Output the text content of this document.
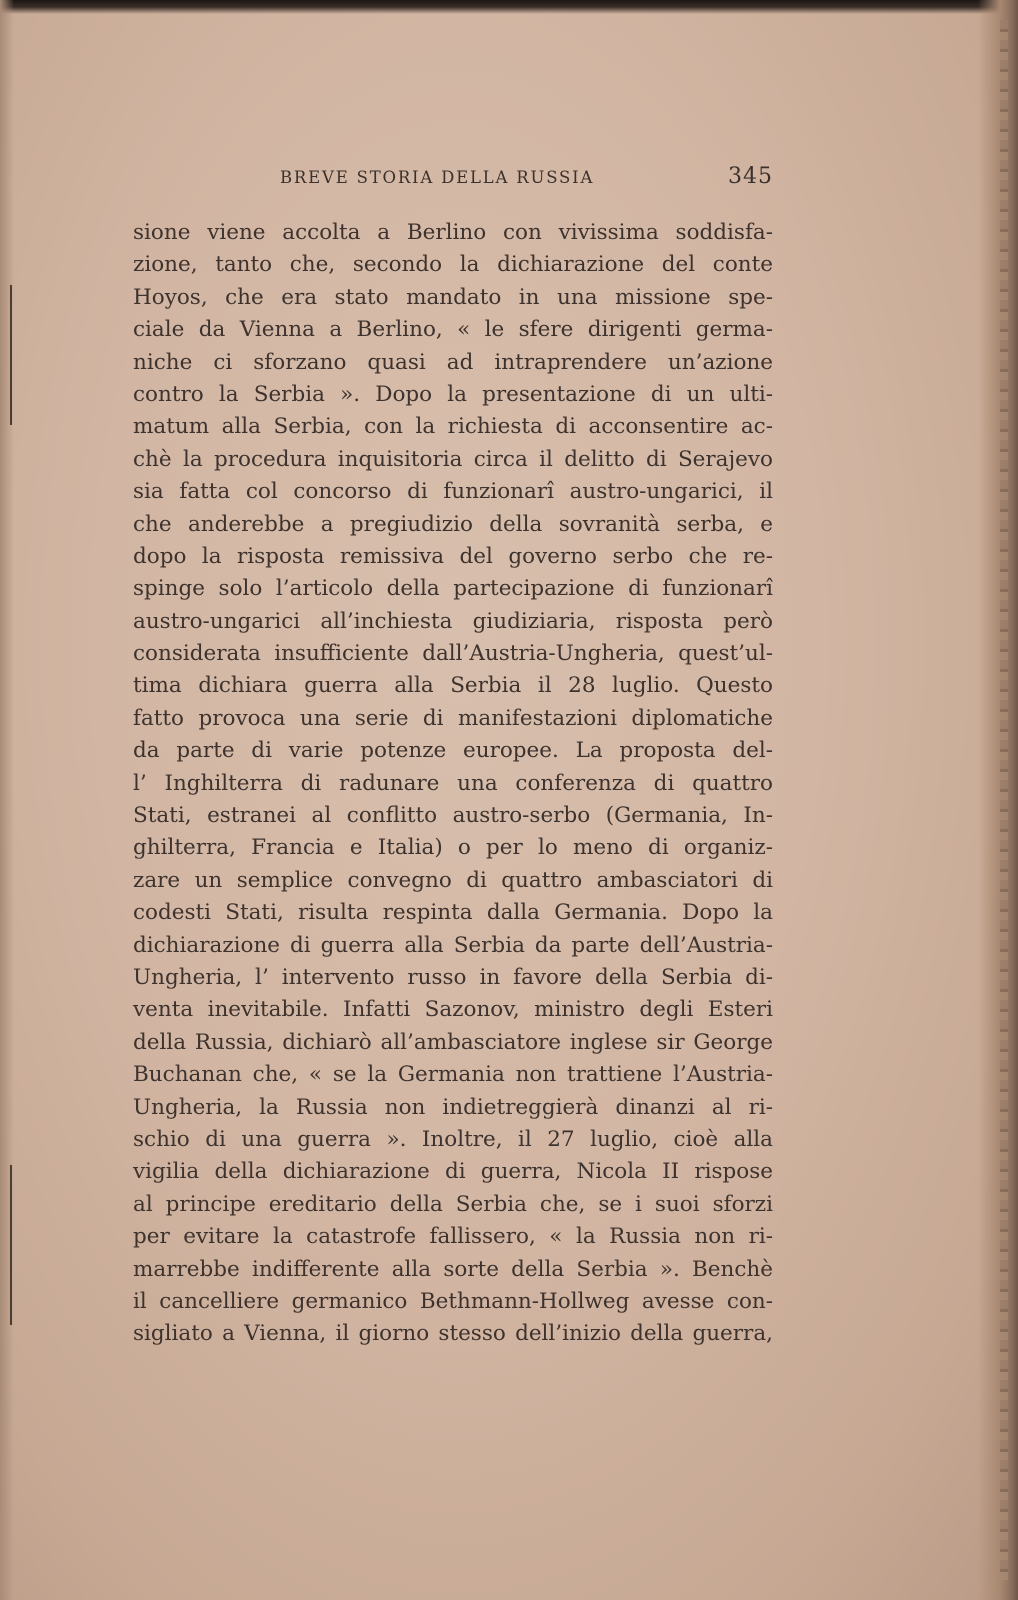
BREVE STORIA DELLA RUSSIA	345
sione viene accolta a Berlino con vivissima soddisfa-
zione, tanto che, secondo la dichiarazione del conte
Hoyos, che era stato mandato in una missione spe-
ciale da Vienna a Berlino, « le sfere dirigenti germa-
niche ci sforzano quasi ad intraprendere un’azione
contro la Serbia ». Dopo la presentazione di un ulti-
matum alla Serbia, con la richiesta di acconsentire ac-
chè la procedura inquisitoria circa il delitto di Serajevo
sia fatta col concorso di funzionarî austro-ungarici, il
che anderebbe a pregiudizio della sovranità serba, e
dopo la risposta remissiva del governo serbo che re-
spinge solo l’articolo della partecipazione di funzionarî
austro-ungarici all’inchiesta giudiziaria, risposta però
considerata insufficiente dall’Austria-Ungheria, quest’ul-
tima dichiara guerra alla Serbia il 28 luglio. Questo
fatto provoca una serie di manifestazioni diplomatiche
da parte di varie potenze europee. La proposta del-
l’ Inghilterra di radunare una conferenza di quattro
Stati, estranei al conflitto austro-serbo (Germania, In-
ghilterra, Francia e Italia) o per lo meno di organiz-
zare un semplice convegno di quattro ambasciatori di
codesti Stati, risulta respinta dalla Germania. Dopo la
dichiarazione di guerra alla Serbia da parte dell’Austria-
Ungheria, l’ intervento russo in favore della Serbia di-
venta inevitabile. Infatti Sazonov, ministro degli Esteri
della Russia, dichiarò all’ambasciatore inglese sir George
Buchanan che, « se la Germania non trattiene l’Austria-
Ungheria, la Russia non indietreggierà dinanzi al ri-
schio di una guerra ». Inoltre, il 27 luglio, cioè alla
vigilia della dichiarazione di guerra, Nicola II rispose
al principe ereditario della Serbia che, se i suoi sforzi
per evitare la catastrofe fallissero, « la Russia non ri-
marrebbe indifferente alla sorte della Serbia ». Benchè
il cancelliere germanico Bethmann-Hollweg avesse con-
sigliato a Vienna, il giorno stesso dell’inizio della guerra,
